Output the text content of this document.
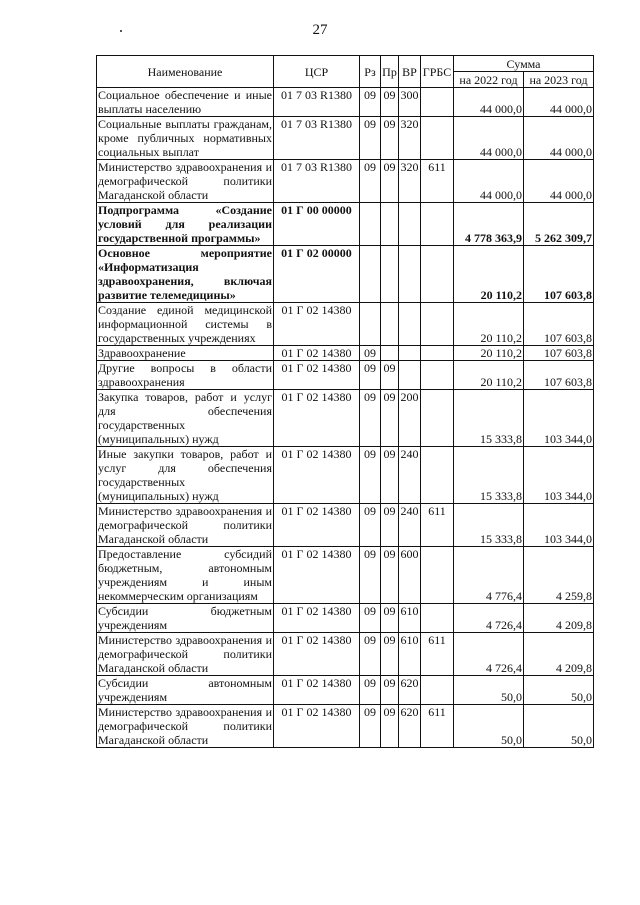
27
Наименование	ЦСР	Рз	Пр	ВР	ГРБС	Сумма	
						на 2022 год	на 2023 год
Социальное обеспечение и иные выплаты населению	01 7 03 R1380	09	09	300		44 000,0	44 000,0
Социальные выплаты гражданам, кроме публичных нормативных социальных выплат	01 7 03 R1380	09	09	320		44 000,0	44 000,0
Министерство здравоохранения и демографической политики Магаданской области	01 7 03 R1380	09	09	320	611	44 000,0	44 000,0
Подпрограмма «Создание условий для реализации государственной программы»	01 Г 00 00000					4 778 363,9	5 262 309,7
Основное мероприятие «Информатизация здравоохранения, включая развитие телемедицины»	01 Г 02 00000					20 110,2	107 603,8
Создание единой медицинской информационной системы в государственных учреждениях	01 Г 02 14380					20 110,2	107 603,8
Здравоохранение	01 Г 02 14380	09				20 110,2	107 603,8
Другие вопросы в области здравоохранения	01 Г 02 14380	09	09			20 110,2	107 603,8
Закупка товаров, работ и услуг для обеспечения государственных (муниципальных) нужд	01 Г 02 14380	09	09	200		15 333,8	103 344,0
Иные закупки товаров, работ и услуг для обеспечения государственных (муниципальных) нужд	01 Г 02 14380	09	09	240		15 333,8	103 344,0
Министерство здравоохранения и демографической политики Магаданской области	01 Г 02 14380	09	09	240	611	15 333,8	103 344,0
Предоставление субсидий бюджетным, автономным учреждениям и иным некоммерческим организациям	01 Г 02 14380	09	09	600		4 776,4	4 259,8
Субсидии бюджетным учреждениям	01 Г 02 14380	09	09	610		4 726,4	4 209,8
Министерство здравоохранения и демографической политики Магаданской области	01 Г 02 14380	09	09	610	611	4 726,4	4 209,8
Субсидии автономным учреждениям	01 Г 02 14380	09	09	620		50,0	50,0
Министерство здравоохранения и демографической политики Магаданской области	01 Г 02 14380	09	09	620	611	50,0	50,0
